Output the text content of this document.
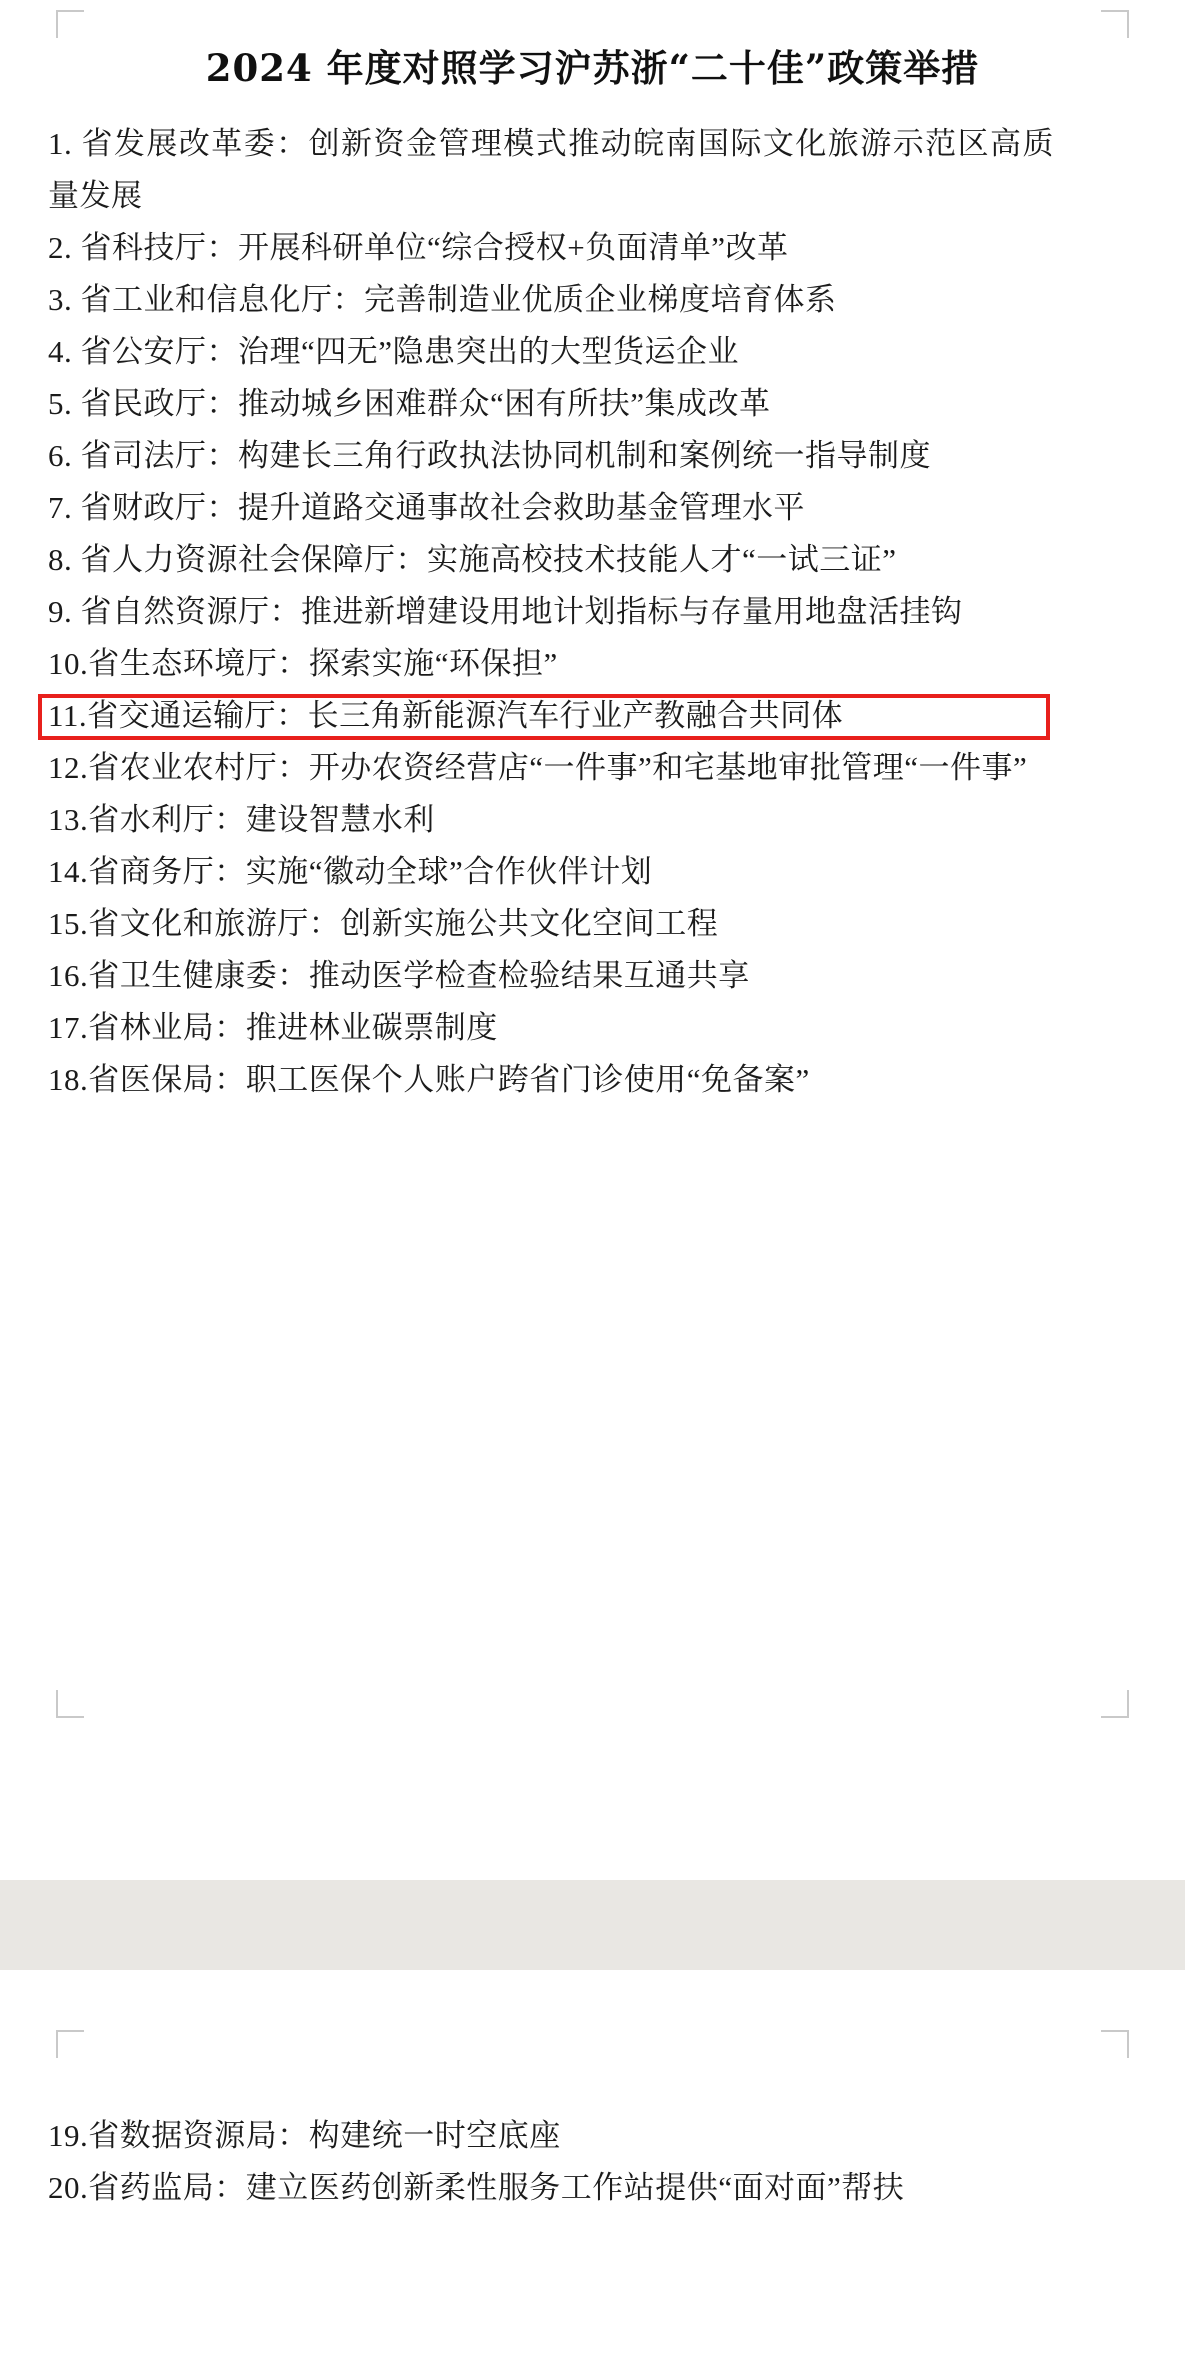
2024 年度对照学习沪苏浙“二十佳”政策举措

1. 省发展改革委：创新资金管理模式推动皖南国际文化旅游示范区高质量发展

2. 省科技厅：开展科研单位“综合授权+负面清单”改革

3. 省工业和信息化厅：完善制造业优质企业梯度培育体系

4. 省公安厅：治理“四无”隐患突出的大型货运企业

5. 省民政厅：推动城乡困难群众“困有所扶”集成改革

6. 省司法厅：构建长三角行政执法协同机制和案例统一指导制度

7. 省财政厅：提升道路交通事故社会救助基金管理水平

8. 省人力资源社会保障厅：实施高校技术技能人才“一试三证”

9. 省自然资源厅：推进新增建设用地计划指标与存量用地盘活挂钩

10.省生态环境厅：探索实施“环保担”

11.省交通运输厅：长三角新能源汽车行业产教融合共同体

12.省农业农村厅：开办农资经营店“一件事”和宅基地审批管理“一件事”

13.省水利厅：建设智慧水利

14.省商务厅：实施“徽动全球”合作伙伴计划

15.省文化和旅游厅：创新实施公共文化空间工程

16.省卫生健康委：推动医学检查检验结果互通共享

17.省林业局：推进林业碳票制度

18.省医保局：职工医保个人账户跨省门诊使用“免备案”

19.省数据资源局：构建统一时空底座

20.省药监局：建立医药创新柔性服务工作站提供“面对面”帮扶
